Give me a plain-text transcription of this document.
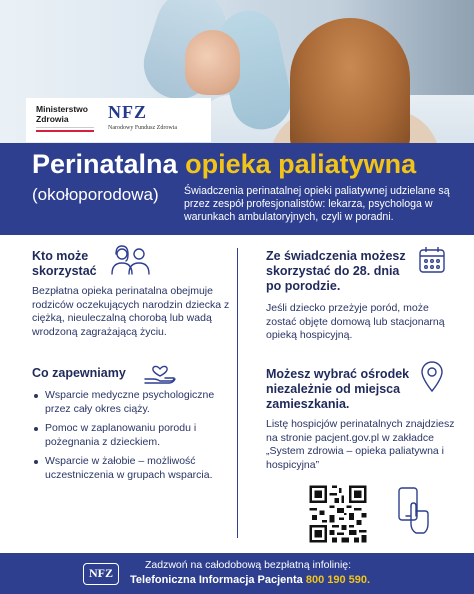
Ministerstwo Zdrowia	NFZ
Narodowy Fundusz Zdrowia
Perinatalna opieka paliatywna
(okołoporodowa) Świadczenia perinatalnej opieki paliatywnej udzielane są przez zespół profesjonalistów: lekarza, psychologa w warunkach ambulatoryjnych, czyli w poradni.
Kto może skorzystać
Bezpłatna opieka perinatalna obejmuje rodziców oczekujących narodzin dziecka z ciężką, nieuleczalną chorobą lub wadą wrodzoną zagrażającą życiu.
Co zapewniamy
Wsparcie medyczne psychologiczne przez cały okres ciąży.
Pomoc w zaplanowaniu porodu i pożegnania z dzieckiem.
Wsparcie w żałobie – możliwość uczestniczenia w grupach wsparcia.
Ze świadczenia możesz skorzystać do 28. dnia po porodzie.
Jeśli dziecko przeżyje poród, może zostać objęte domową lub stacjonarną opieką hospicyjną.
Możesz wybrać ośrodek niezależnie od miejsca zamieszkania.
Listę hospicjów perinatalnych znajdziesz na stronie pacjent.gov.pl w zakładce „System zdrowia – opieka paliatywna i hospicyjna”
NFZ
Zadzwoń na całodobową bezpłatną infolinię:
Telefoniczna Informacja Pacjenta 800 190 590.
